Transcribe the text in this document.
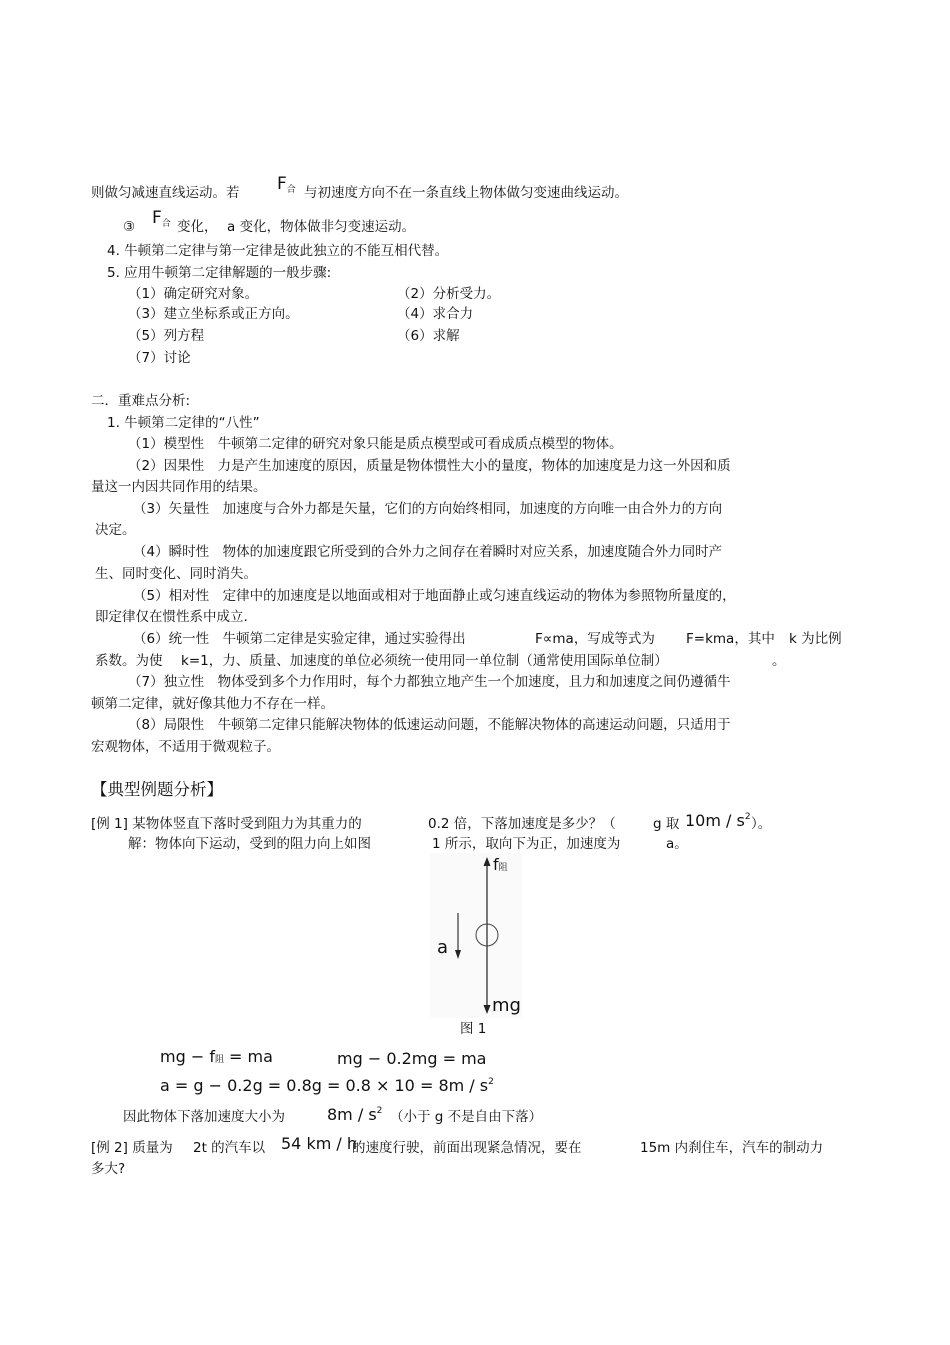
则做匀减速直线运动。若 F合 与初速度方向不在一条直线上物体做匀变速曲线运动。
③ F合 变化， a 变化，物体做非匀变速运动。
4. 牛顿第二定律与第一定律是彼此独立的不能互相代替。
5. 应用牛顿第二定律解题的一般步骤:
（1）确定研究对象。	（2）分析受力。
（3）建立坐标系或正方向。	（4）求合力
（5）列方程	（6）求解
（7）讨论
二．重难点分析:
1. 牛顿第二定律的“八性”
（1）模型性　牛顿第二定律的研究对象只能是质点模型或可看成质点模型的物体。
（2）因果性　力是产生加速度的原因，质量是物体惯性大小的量度，物体的加速度是力这一外因和质
量这一内因共同作用的结果。
（3）矢量性　加速度与合外力都是矢量，它们的方向始终相同，加速度的方向唯一由合外力的方向
决定。
（4）瞬时性　物体的加速度跟它所受到的合外力之间存在着瞬时对应关系，加速度随合外力同时产
生、同时变化、同时消失。
（5）相对性　定律中的加速度是以地面或相对于地面静止或匀速直线运动的物体为参照物所量度的，
即定律仅在惯性系中成立.
（6）统一性　牛顿第二定律是实验定律，通过实验得出	F∝ma，写成等式为 F=kma，其中 k 为比例
系数。为使 k=1，力、质量、加速度的单位必须统一使用同一单位制（通常使用国际单位制）	。
（7）独立性　物体受到多个力作用时，每个力都独立地产生一个加速度，且力和加速度之间仍遵循牛
顿第二定律，就好像其他力不存在一样。
（8）局限性　牛顿第二定律只能解决物体的低速运动问题，不能解决物体的高速运动问题，只适用于
宏观物体，不适用于微观粒子。
【典型例题分析】
[例 1] 某物体竖直下落时受到阻力为其重力的	0.2 倍，下落加速度是多少？（	g 取 $10m / s^2$ ）。
解：物体向下运动，受到的阻力向上如图	1 所示，取向下为正，加速度为	a。
f阻
a
mg
图 1
mg − f阻 = ma	mg − 0.2mg = ma
$a = g - 0.2g = 0.8g = 0.8 \times 10 = 8m / s^2$
因此物体下落加速度大小为	$8m / s^2$ （小于 g 不是自由下落）
[例 2] 质量为 2t 的汽车以 54 km / h
的速度行驶，前面出现紧急情况，要在	15m 内刹住车，汽车的制动力
多大?
